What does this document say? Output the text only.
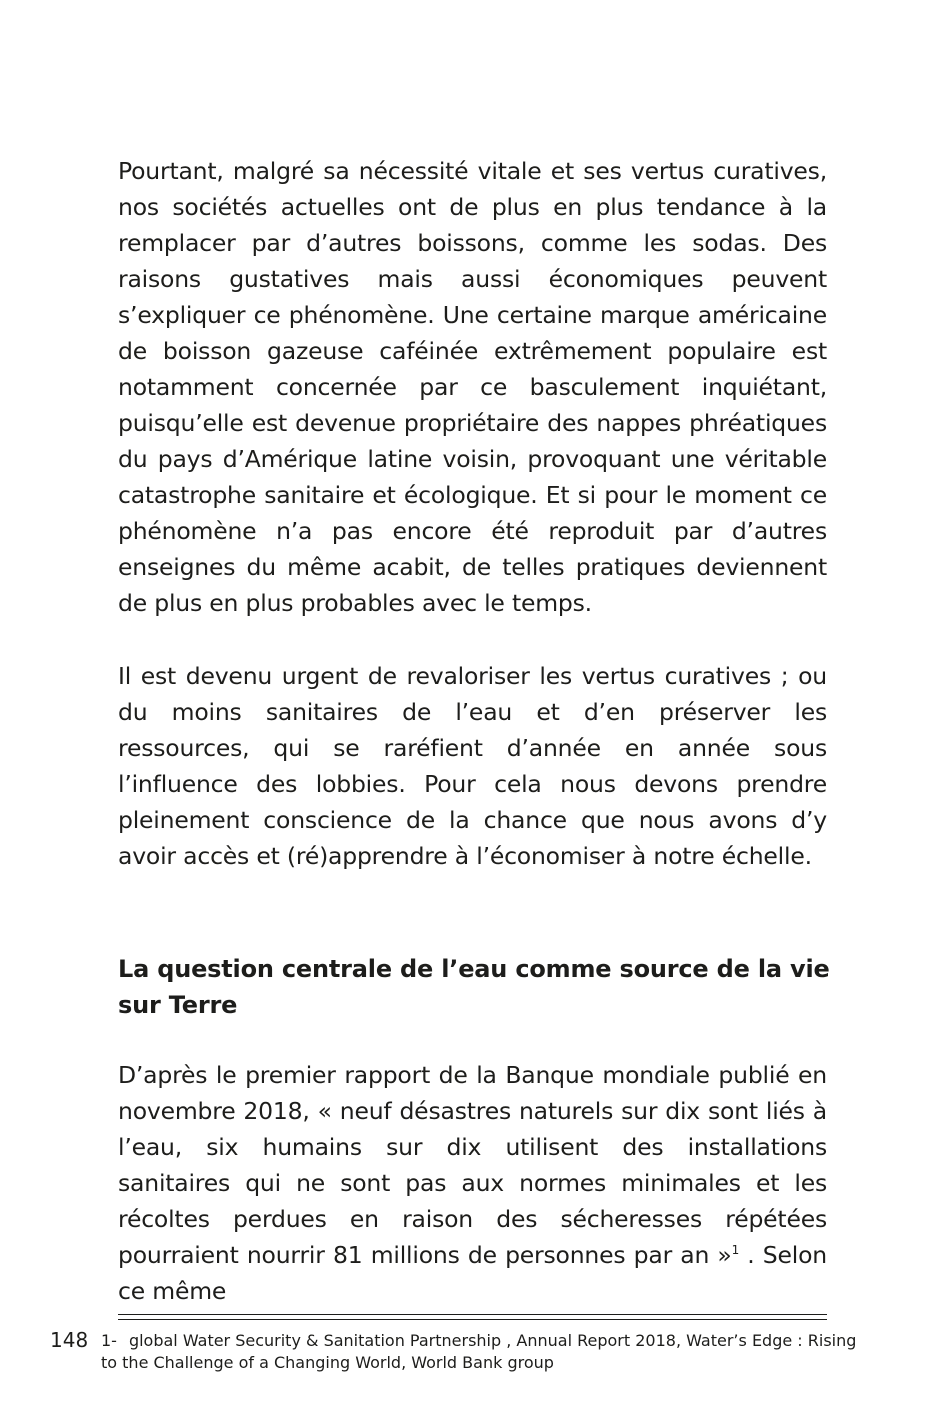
Pourtant, malgré sa nécessité vitale et ses vertus curatives, nos sociétés actuelles ont de plus en plus tendance à la remplacer par d’autres boissons, comme les sodas. Des raisons gustatives mais aussi économiques peuvent s’expliquer ce phénomène. Une certaine marque américaine de boisson gazeuse caféinée extrêmement populaire est notamment concernée par ce basculement inquiétant, puisqu’elle est devenue propriétaire des nappes phréatiques du pays d’Amérique latine voisin, provoquant une véritable catastrophe sanitaire et écologique. Et si pour le moment ce phénomène n’a pas encore été reproduit par d’autres enseignes du même acabit, de telles pratiques deviennent de plus en plus probables avec le temps.

Il est devenu urgent de revaloriser les vertus curatives ; ou du moins sanitaires de l’eau et d’en préserver les ressources, qui se raréfient d’année en année sous l’influence des lobbies. Pour cela nous devons prendre pleinement conscience de la chance que nous avons d’y avoir accès et (ré)apprendre à l’économiser à notre échelle.

La question centrale de l’eau comme source de la vie sur Terre

D’après le premier rapport de la Banque mondiale publié en novembre 2018, « neuf désastres naturels sur dix sont liés à l’eau, six humains sur dix utilisent des installations sanitaires qui ne sont pas aux normes minimales et les récoltes perdues en raison des sécheresses répétées pourraient nourrir 81 millions de personnes par an »$^1$ . Selon ce même

148 1- global Water Security & Sanitation Partnership , Annual Report 2018, Water’s Edge : Rising to the Challenge of a Changing World, World Bank group
